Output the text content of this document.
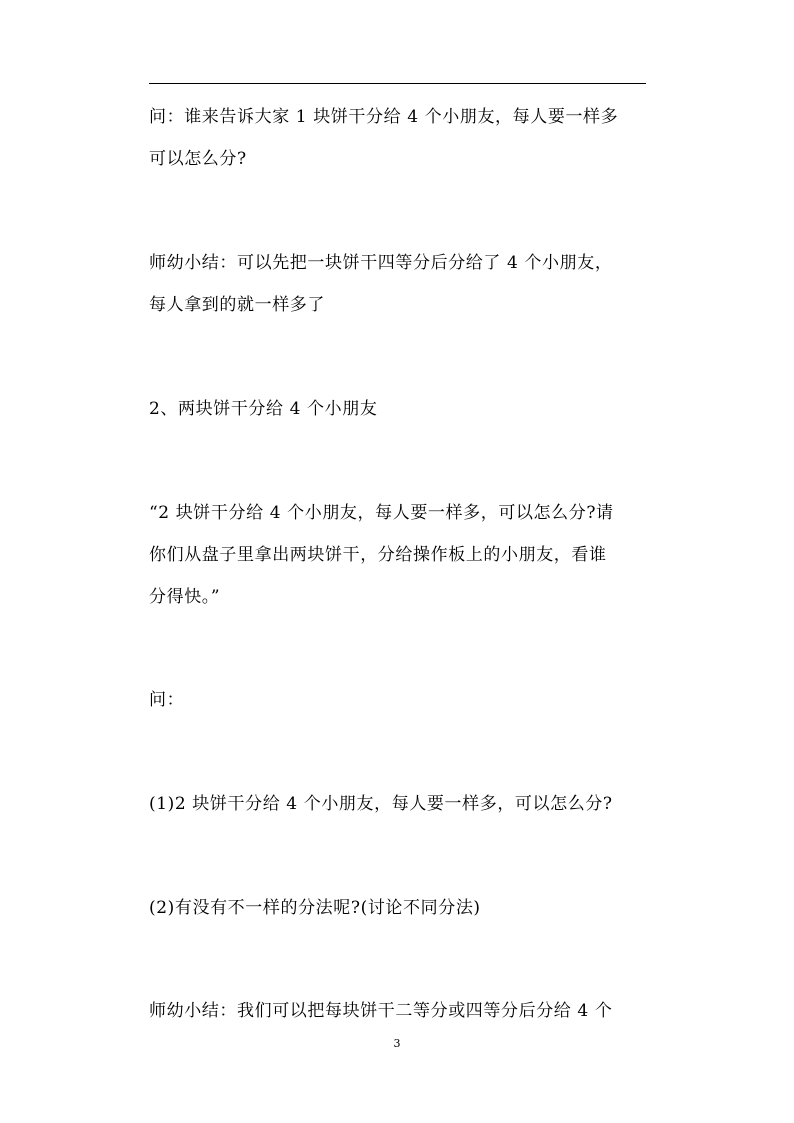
问：谁来告诉大家 1 块饼干分给 4 个小朋友，每人要一样多
可以怎么分?
师幼小结：可以先把一块饼干四等分后分给了 4 个小朋友，
每人拿到的就一样多了
2、两块饼干分给 4 个小朋友
“2 块饼干分给 4 个小朋友，每人要一样多，可以怎么分?请
你们从盘子里拿出两块饼干，分给操作板上的小朋友，看谁
分得快。”
问：
(1)2 块饼干分给 4 个小朋友，每人要一样多，可以怎么分?
(2)有没有不一样的分法呢?(讨论不同分法)
师幼小结：我们可以把每块饼干二等分或四等分后分给 4 个
3
